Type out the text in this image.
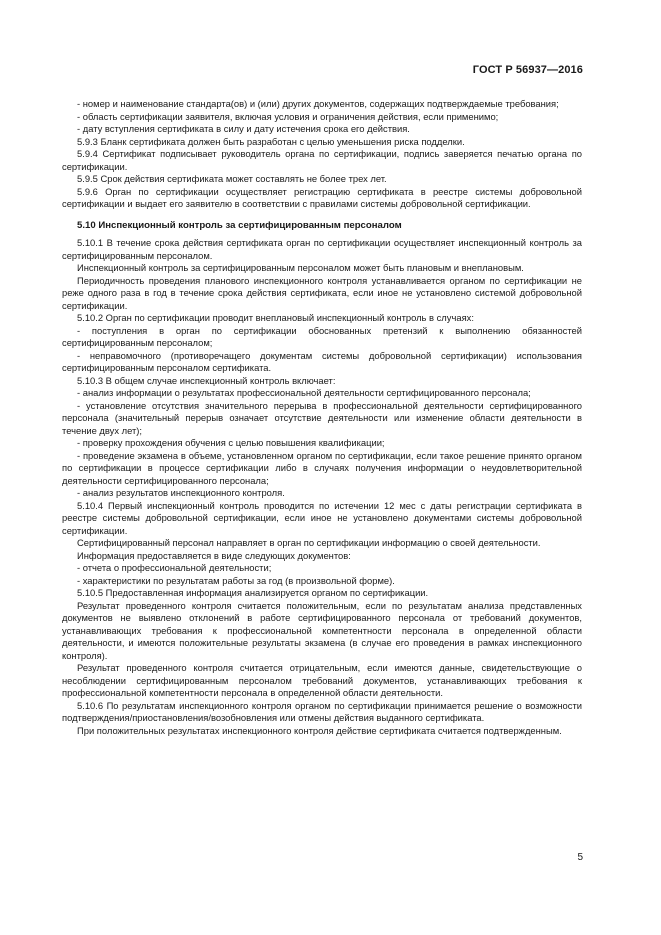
ГОСТ Р 56937—2016

- номер и наименование стандарта(ов) и (или) других документов, содержащих подтверждаемые требования;

- область сертификации заявителя, включая условия и ограничения действия, если применимо;

- дату вступления сертификата в силу и дату истечения срока его действия.

5.9.3 Бланк сертификата должен быть разработан с целью уменьшения риска подделки.

5.9.4 Сертификат подписывает руководитель органа по сертификации, подпись заверяется печатью органа по сертификации.

5.9.5 Срок действия сертификата может составлять не более трех лет.

5.9.6 Орган по сертификации осуществляет регистрацию сертификата в реестре системы добровольной сертификации и выдает его заявителю в соответствии с правилами системы добровольной сертификации.

5.10 Инспекционный контроль за сертифицированным персоналом

5.10.1 В течение срока действия сертификата орган по сертификации осуществляет инспекционный контроль за сертифицированным персоналом.

Инспекционный контроль за сертифицированным персоналом может быть плановым и внеплановым.

Периодичность проведения планового инспекционного контроля устанавливается органом по сертификации не реже одного раза в год в течение срока действия сертификата, если иное не установлено системой добровольной сертификации.

5.10.2 Орган по сертификации проводит внеплановый инспекционный контроль в случаях:

- поступления в орган по сертификации обоснованных претензий к выполнению обязанностей сертифицированным персоналом;

- неправомочного (противоречащего документам системы добровольной сертификации) использования сертифицированным персоналом сертификата.

5.10.3 В общем случае инспекционный контроль включает:

- анализ информации о результатах профессиональной деятельности сертифицированного персонала;

- установление отсутствия значительного перерыва в профессиональной деятельности сертифицированного персонала (значительный перерыв означает отсутствие деятельности или изменение области деятельности в течение двух лет);

- проверку прохождения обучения с целью повышения квалификации;

- проведение экзамена в объеме, установленном органом по сертификации, если такое решение принято органом по сертификации в процессе сертификации либо в случаях получения информации о неудовлетворительной деятельности сертифицированного персонала;

- анализ результатов инспекционного контроля.

5.10.4 Первый инспекционный контроль проводится по истечении 12 мес с даты регистрации сертификата в реестре системы добровольной сертификации, если иное не установлено документами системы добровольной сертификации.

Сертифицированный персонал направляет в орган по сертификации информацию о своей деятельности.

Информация предоставляется в виде следующих документов:

- отчета о профессиональной деятельности;

- характеристики по результатам работы за год (в произвольной форме).

5.10.5 Предоставленная информация анализируется органом по сертификации.

Результат проведенного контроля считается положительным, если по результатам анализа представленных документов не выявлено отклонений в работе сертифицированного персонала от требований документов, устанавливающих требования к профессиональной компетентности персонала в определенной области деятельности, и имеются положительные результаты экзамена (в случае его проведения в рамках инспекционного контроля).

Результат проведенного контроля считается отрицательным, если имеются данные, свидетельствующие о несоблюдении сертифицированным персоналом требований документов, устанавливающих требования к профессиональной компетентности персонала в определенной области деятельности.

5.10.6 По результатам инспекционного контроля органом по сертификации принимается решение о возможности подтверждения/приостановления/возобновления или отмены действия выданного сертификата.

При положительных результатах инспекционного контроля действие сертификата считается подтвержденным.

5
